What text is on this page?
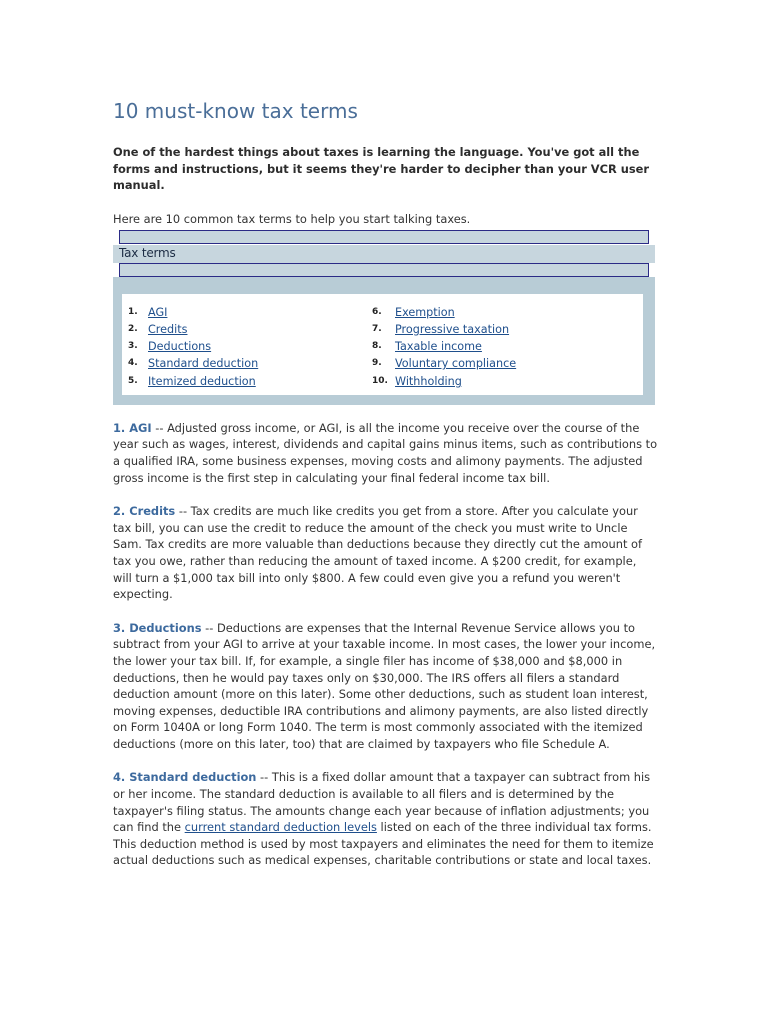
10 must-know tax terms

One of the hardest things about taxes is learning the language. You've got all the forms and instructions, but it seems they're harder to decipher than your VCR user manual.

Here are 10 common tax terms to help you start talking taxes.

Tax terms
1. AGI
2. Credits
3. Deductions
4. Standard deduction
5. Itemized deduction
6. Exemption
7. Progressive taxation
8. Taxable income
9. Voluntary compliance
10. Withholding

1. AGI -- Adjusted gross income, or AGI, is all the income you receive over the course of the year such as wages, interest, dividends and capital gains minus items, such as contributions to a qualified IRA, some business expenses, moving costs and alimony payments. The adjusted gross income is the first step in calculating your final federal income tax bill.

2. Credits -- Tax credits are much like credits you get from a store. After you calculate your tax bill, you can use the credit to reduce the amount of the check you must write to Uncle Sam. Tax credits are more valuable than deductions because they directly cut the amount of tax you owe, rather than reducing the amount of taxed income. A $200 credit, for example, will turn a $1,000 tax bill into only $800. A few could even give you a refund you weren't expecting.

3. Deductions -- Deductions are expenses that the Internal Revenue Service allows you to subtract from your AGI to arrive at your taxable income. In most cases, the lower your income, the lower your tax bill. If, for example, a single filer has income of $38,000 and $8,000 in deductions, then he would pay taxes only on $30,000. The IRS offers all filers a standard deduction amount (more on this later). Some other deductions, such as student loan interest, moving expenses, deductible IRA contributions and alimony payments, are also listed directly on Form 1040A or long Form 1040. The term is most commonly associated with the itemized deductions (more on this later, too) that are claimed by taxpayers who file Schedule A.

4. Standard deduction -- This is a fixed dollar amount that a taxpayer can subtract from his or her income. The standard deduction is available to all filers and is determined by the taxpayer's filing status. The amounts change each year because of inflation adjustments; you can find the current standard deduction levels listed on each of the three individual tax forms. This deduction method is used by most taxpayers and eliminates the need for them to itemize actual deductions such as medical expenses, charitable contributions or state and local taxes.
